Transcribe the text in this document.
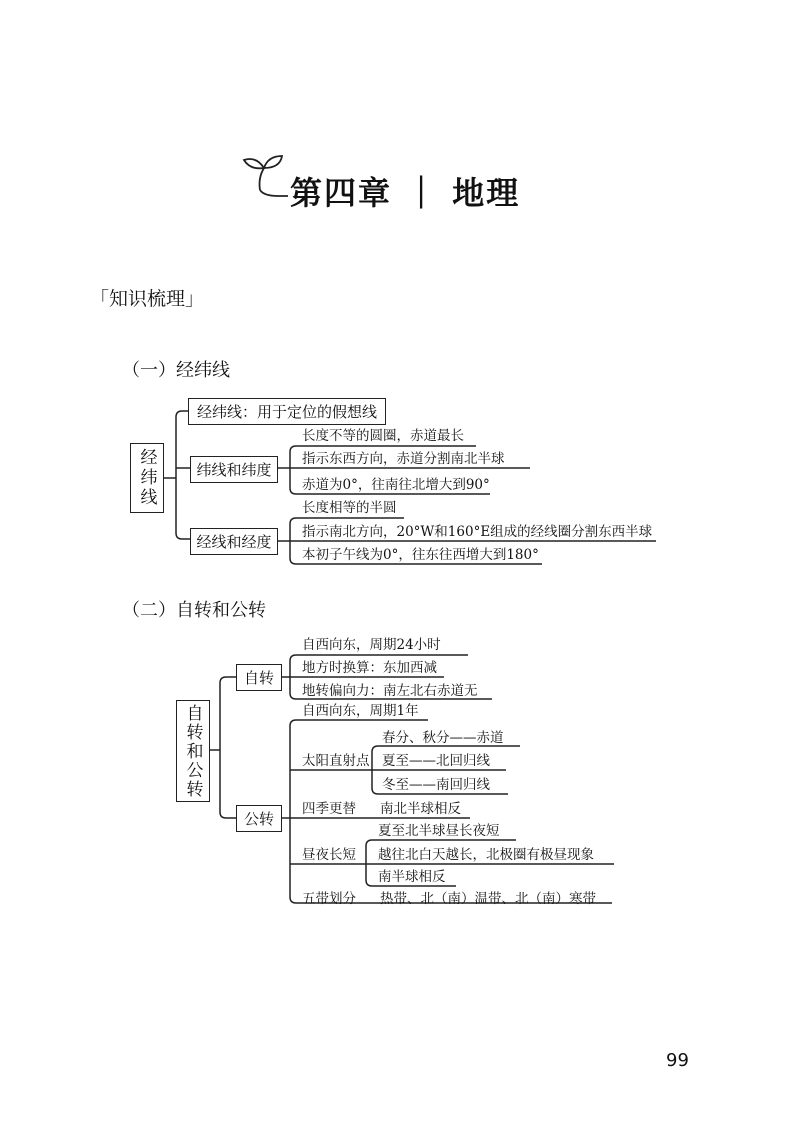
第四章 ｜ 地理
「知识梳理」
（一）经纬线
经纬线
经纬线：用于定位的假想线
纬线和纬度
长度不等的圆圈，赤道最长
指示东西方向，赤道分割南北半球
赤道为0°，往南往北增大到90°
经线和经度
长度相等的半圆
指示南北方向，20°W和160°E组成的经线圈分割东西半球
本初子午线为0°，往东往西增大到180°
（二）自转和公转
自转和公转
自转
自西向东，周期24小时
地方时换算：东加西减
地转偏向力：南左北右赤道无
公转
自西向东，周期1年
太阳直射点
春分、秋分——赤道
夏至——北回归线
冬至——南回归线
四季更替 南北半球相反
昼夜长短
夏至北半球昼长夜短
越往北白天越长，北极圈有极昼现象
南半球相反
五带划分 热带、北（南）温带、北（南）寒带
99
